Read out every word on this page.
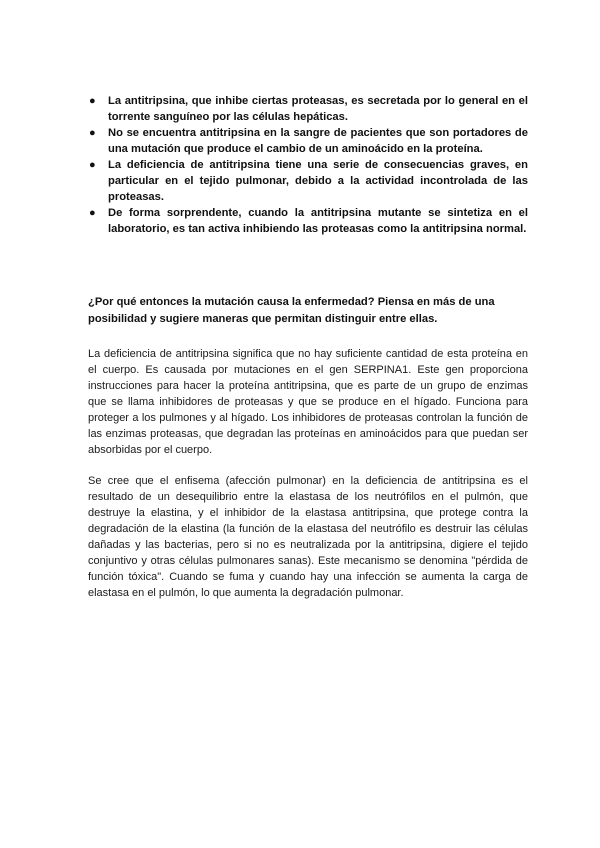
● La antitripsina, que inhibe ciertas proteasas, es secretada por lo general en el torrente sanguíneo por las células hepáticas.
● No se encuentra antitripsina en la sangre de pacientes que son portadores de una mutación que produce el cambio de un aminoácido en la proteína.
● La deficiencia de antitripsina tiene una serie de consecuencias graves, en particular en el tejido pulmonar, debido a la actividad incontrolada de las proteasas.
● De forma sorprendente, cuando la antitripsina mutante se sintetiza en el laboratorio, es tan activa inhibiendo las proteasas como la antitripsina normal.

¿Por qué entonces la mutación causa la enfermedad? Piensa en más de una posibilidad y sugiere maneras que permitan distinguir entre ellas.

La deficiencia de antitripsina significa que no hay suficiente cantidad de esta proteína en el cuerpo. Es causada por mutaciones en el gen SERPINA1. Este gen proporciona instrucciones para hacer la proteína antitripsina, que es parte de un grupo de enzimas que se llama inhibidores de proteasas y que se produce en el hígado. Funciona para proteger a los pulmones y al hígado. Los inhibidores de proteasas controlan la función de las enzimas proteasas, que degradan las proteínas en aminoácidos para que puedan ser absorbidas por el cuerpo.

Se cree que el enfisema (afección pulmonar) en la deficiencia de antitripsina es el resultado de un desequilibrio entre la elastasa de los neutrófilos en el pulmón, que destruye la elastina, y el inhibidor de la elastasa antitripsina, que protege contra la degradación de la elastina (la función de la elastasa del neutrófilo es destruir las células dañadas y las bacterias, pero si no es neutralizada por la antitripsina, digiere el tejido conjuntivo y otras células pulmonares sanas). Este mecanismo se denomina "pérdida de función tóxica". Cuando se fuma y cuando hay una infección se aumenta la carga de elastasa en el pulmón, lo que aumenta la degradación pulmonar.
